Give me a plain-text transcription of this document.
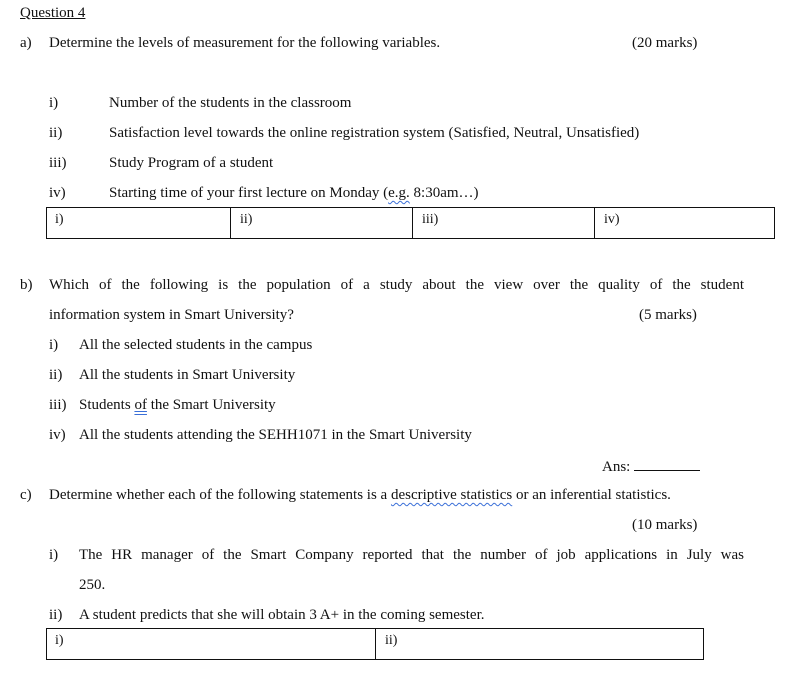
Question 4
a) Determine the levels of measurement for the following variables.	(20 marks)
i)	Number of the students in the classroom
ii)	Satisfaction level towards the online registration system (Satisfied, Neutral, Unsatisfied)
iii)	Study Program of a student
iv)	Starting time of your first lecture on Monday (e.g. 8:30am…)
i)	ii)	iii)	iv)
b) Which of the following is the population of a study about the view over the quality of the student
information system in Smart University?	(5 marks)
i) All the selected students in the campus
ii) All the students in Smart University
iii) Students of the Smart University
iv) All the students attending the SEHH1071 in the Smart University
Ans:
c) Determine whether each of the following statements is a descriptive statistics or an inferential statistics.
(10 marks)
i) The HR manager of the Smart Company reported that the number of job applications in July was
250.
ii) A student predicts that she will obtain 3 A+ in the coming semester.
i)	ii)
